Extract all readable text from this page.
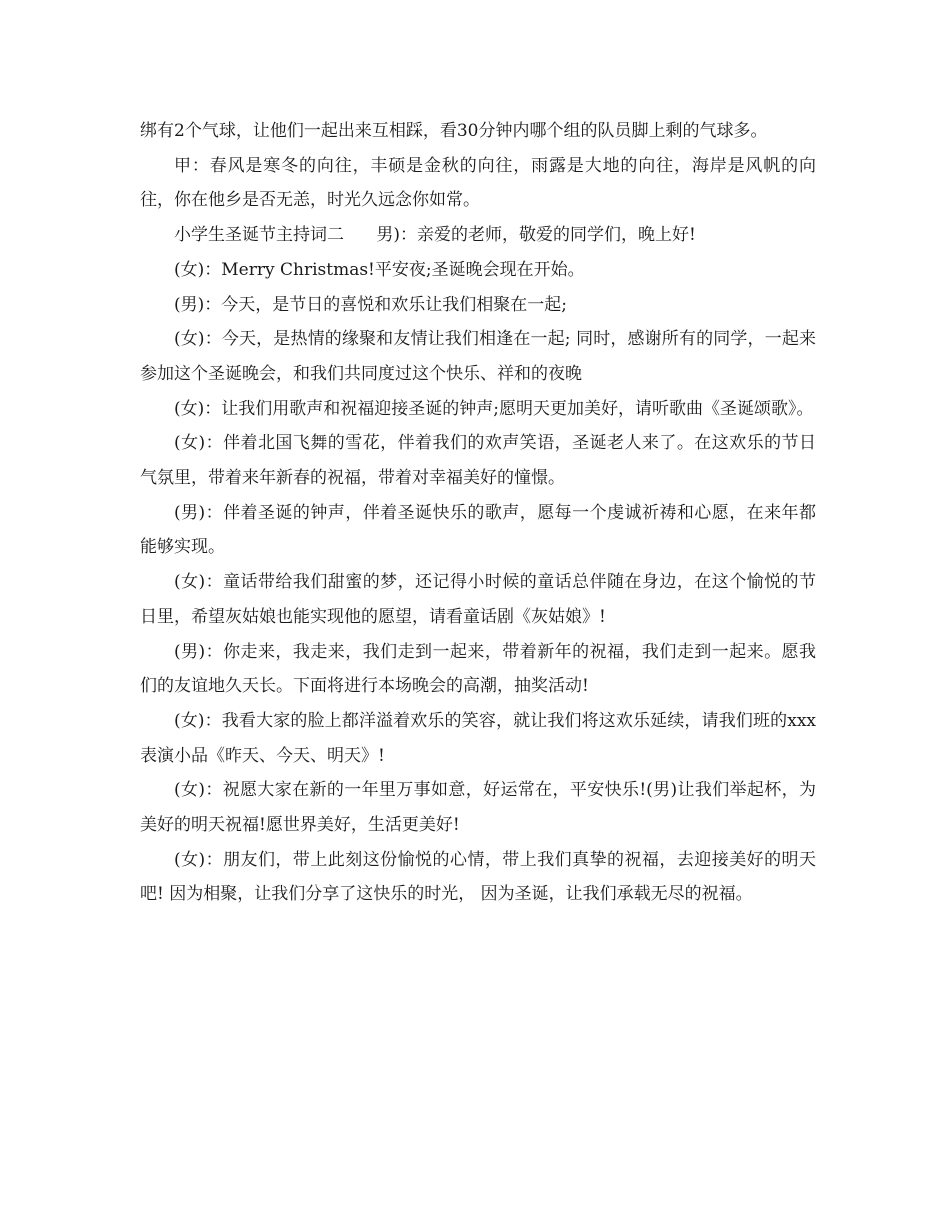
绑有2个气球，让他们一起出来互相踩，看30分钟内哪个组的队员脚上剩的气球多。

甲：春风是寒冬的向往，丰硕是金秋的向往，雨露是大地的向往，海岸是风帆的向往，你在他乡是否无恙，时光久远念你如常。

小学生圣诞节主持词二      男)：亲爱的老师，敬爱的同学们，晚上好!

(女)：Merry Christmas!平安夜;圣诞晚会现在开始。

(男)：今天，是节日的喜悦和欢乐让我们相聚在一起;

(女)：今天，是热情的缘聚和友情让我们相逢在一起; 同时，感谢所有的同学，一起来参加这个圣诞晚会，和我们共同度过这个快乐、祥和的夜晚

(女)：让我们用歌声和祝福迎接圣诞的钟声;愿明天更加美好，请听歌曲《圣诞颂歌》。

(女)：伴着北国飞舞的雪花，伴着我们的欢声笑语，圣诞老人来了。在这欢乐的节日气氛里，带着来年新春的祝福，带着对幸福美好的憧憬。

(男)：伴着圣诞的钟声，伴着圣诞快乐的歌声，愿每一个虔诚祈祷和心愿，在来年都能够实现。

(女)：童话带给我们甜蜜的梦，还记得小时候的童话总伴随在身边，在这个愉悦的节日里，希望灰姑娘也能实现他的愿望，请看童话剧《灰姑娘》!

(男)：你走来，我走来，我们走到一起来，带着新年的祝福，我们走到一起来。愿我们的友谊地久天长。下面将进行本场晚会的高潮，抽奖活动!

(女)：我看大家的脸上都洋溢着欢乐的笑容，就让我们将这欢乐延续，请我们班的xxx表演小品《昨天、今天、明天》!

(女)：祝愿大家在新的一年里万事如意，好运常在，平安快乐!(男)让我们举起杯，为美好的明天祝福!愿世界美好，生活更美好!

(女)：朋友们，带上此刻这份愉悦的心情，带上我们真挚的祝福，去迎接美好的明天吧! 因为相聚，让我们分享了这快乐的时光， 因为圣诞，让我们承载无尽的祝福。
